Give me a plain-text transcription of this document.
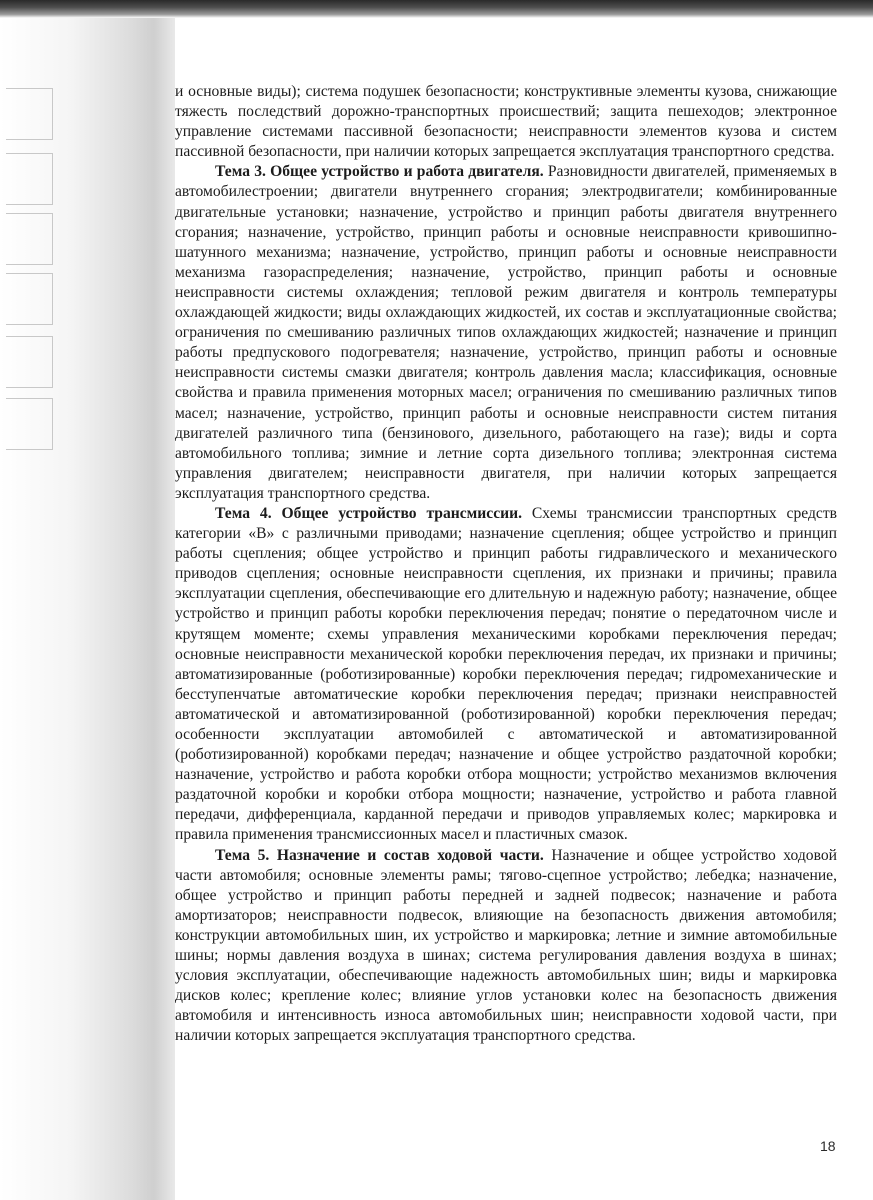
и основные виды); система подушек безопасности; конструктивные элементы кузова, снижающие тяжесть последствий дорожно-транспортных происшествий; защита пешеходов; электронное управление системами пассивной безопасности; неисправности элементов кузова и систем пассивной безопасности, при наличии которых запрещается эксплуатация транспортного средства.

Тема 3. Общее устройство и работа двигателя. Разновидности двигателей, применяемых в автомобилестроении; двигатели внутреннего сгорания; электродвигатели; комбинированные двигательные установки; назначение, устройство и принцип работы двигателя внутреннего сгорания; назначение, устройство, принцип работы и основные неисправности кривошипно-шатунного механизма; назначение, устройство, принцип работы и основные неисправности механизма газораспределения; назначение, устройство, принцип работы и основные неисправности системы охлаждения; тепловой режим двигателя и контроль температуры охлаждающей жидкости; виды охлаждающих жидкостей, их состав и эксплуатационные свойства; ограничения по смешиванию различных типов охлаждающих жидкостей; назначение и принцип работы предпускового подогревателя; назначение, устройство, принцип работы и основные неисправности системы смазки двигателя; контроль давления масла; классификация, основные свойства и правила применения моторных масел; ограничения по смешиванию различных типов масел; назначение, устройство, принцип работы и основные неисправности систем питания двигателей различного типа (бензинового, дизельного, работающего на газе); виды и сорта автомобильного топлива; зимние и летние сорта дизельного топлива; электронная система управления двигателем; неисправности двигателя, при наличии которых запрещается эксплуатация транспортного средства.

Тема 4. Общее устройство трансмиссии. Схемы трансмиссии транспортных средств категории «B» с различными приводами; назначение сцепления; общее устройство и принцип работы сцепления; общее устройство и принцип работы гидравлического и механического приводов сцепления; основные неисправности сцепления, их признаки и причины; правила эксплуатации сцепления, обеспечивающие его длительную и надежную работу; назначение, общее устройство и принцип работы коробки переключения передач; понятие о передаточном числе и крутящем моменте; схемы управления механическими коробками переключения передач; основные неисправности механической коробки переключения передач, их признаки и причины; автоматизированные (роботизированные) коробки переключения передач; гидромеханические и бесступенчатые автоматические коробки переключения передач; признаки неисправностей автоматической и автоматизированной (роботизированной) коробки переключения передач; особенности эксплуатации автомобилей с автоматической и автоматизированной (роботизированной) коробками передач; назначение и общее устройство раздаточной коробки; назначение, устройство и работа коробки отбора мощности; устройство механизмов включения раздаточной коробки и коробки отбора мощности; назначение, устройство и работа главной передачи, дифференциала, карданной передачи и приводов управляемых колес; маркировка и правила применения трансмиссионных масел и пластичных смазок.

Тема 5. Назначение и состав ходовой части. Назначение и общее устройство ходовой части автомобиля; основные элементы рамы; тягово-сцепное устройство; лебедка; назначение, общее устройство и принцип работы передней и задней подвесок; назначение и работа амортизаторов; неисправности подвесок, влияющие на безопасность движения автомобиля; конструкции автомобильных шин, их устройство и маркировка; летние и зимние автомобильные шины; нормы давления воздуха в шинах; система регулирования давления воздуха в шинах; условия эксплуатации, обеспечивающие надежность автомобильных шин; виды и маркировка дисков колес; крепление колес; влияние углов установки колес на безопасность движения автомобиля и интенсивность износа автомобильных шин; неисправности ходовой части, при наличии которых запрещается эксплуатация транспортного средства.

18
